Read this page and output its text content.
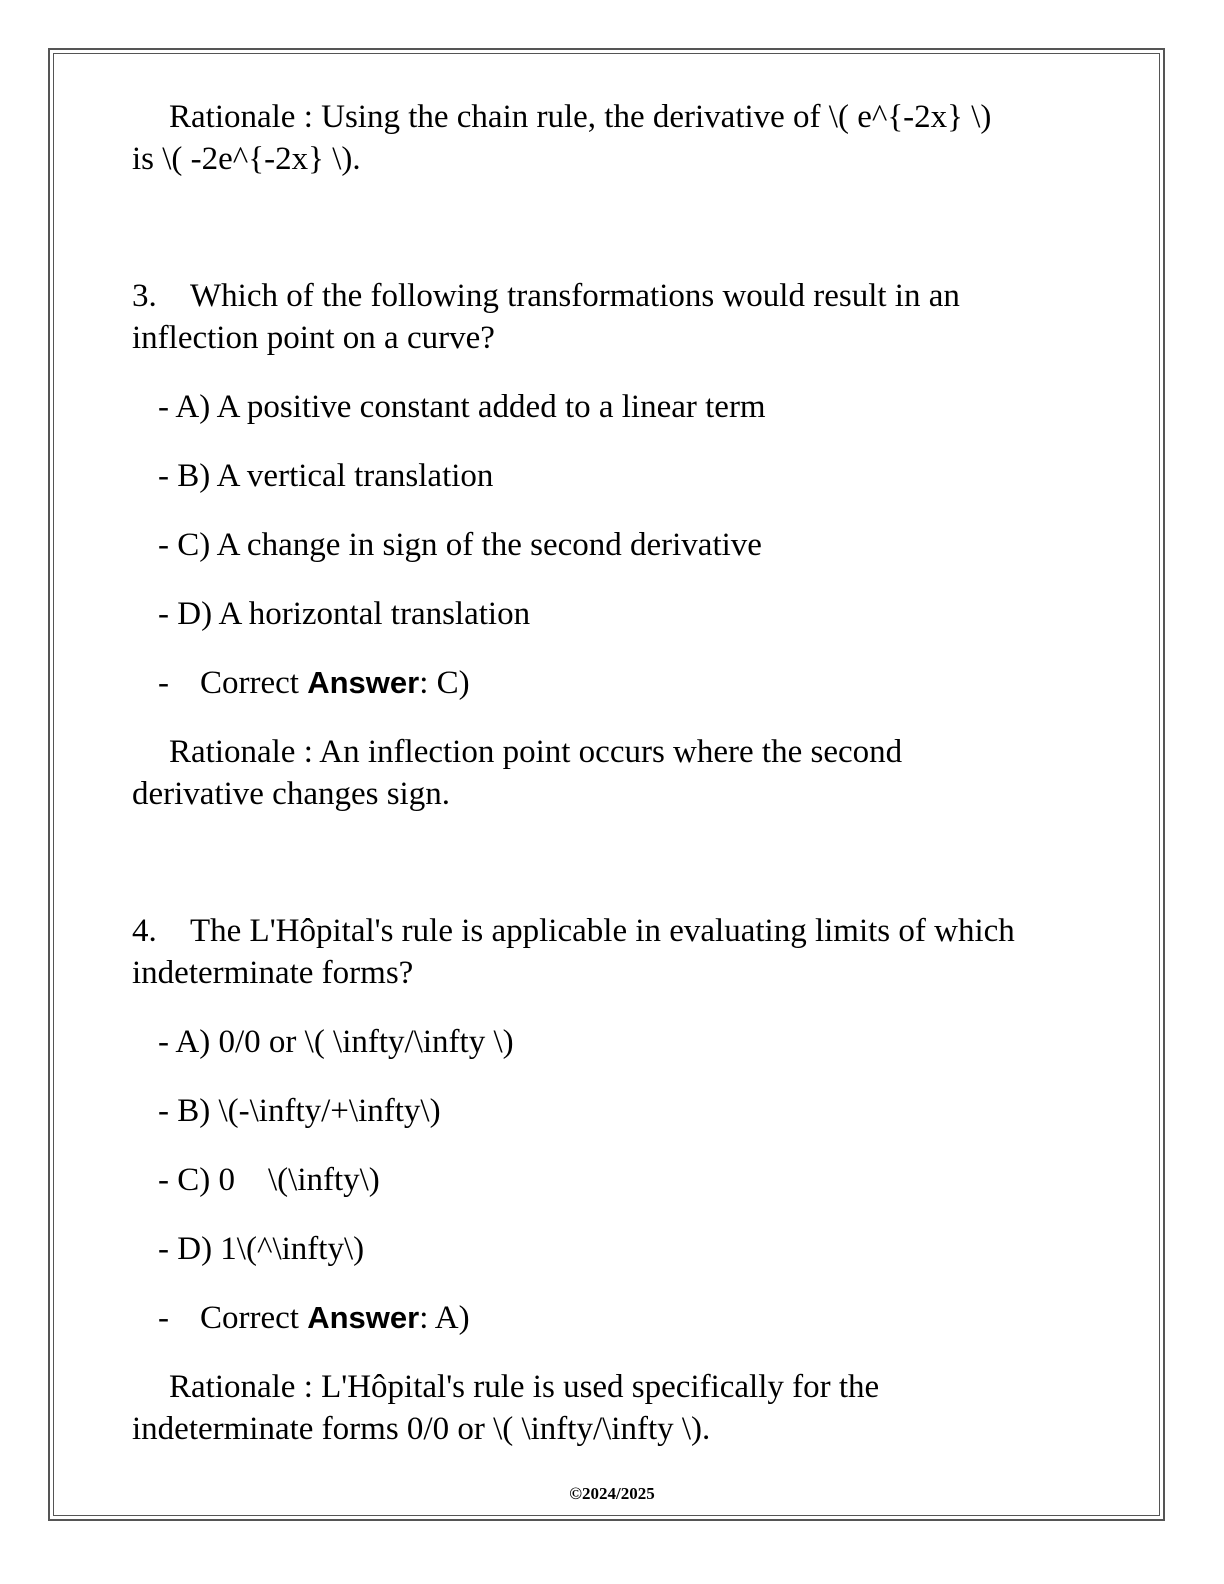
Rationale : Using the chain rule, the derivative of \( e^{-2x} \)

is \( -2e^{-2x} \).

3. Which of the following transformations would result in an

inflection point on a curve?

- A) A positive constant added to a linear term

- B) A vertical translation

- C) A change in sign of the second derivative

- D) A horizontal translation

- Correct Answer: C)

Rationale : An inflection point occurs where the second

derivative changes sign.

4. The L'Hôpital's rule is applicable in evaluating limits of which

indeterminate forms?

- A) 0/0 or \( \infty/\infty \)

- B) \(-\infty/+\infty\)

- C) 0    \(\infty\)

- D) 1\(^\infty\)

- Correct Answer: A)

Rationale : L'Hôpital's rule is used specifically for the

indeterminate forms 0/0 or \( \infty/\infty \).

©2024/2025
